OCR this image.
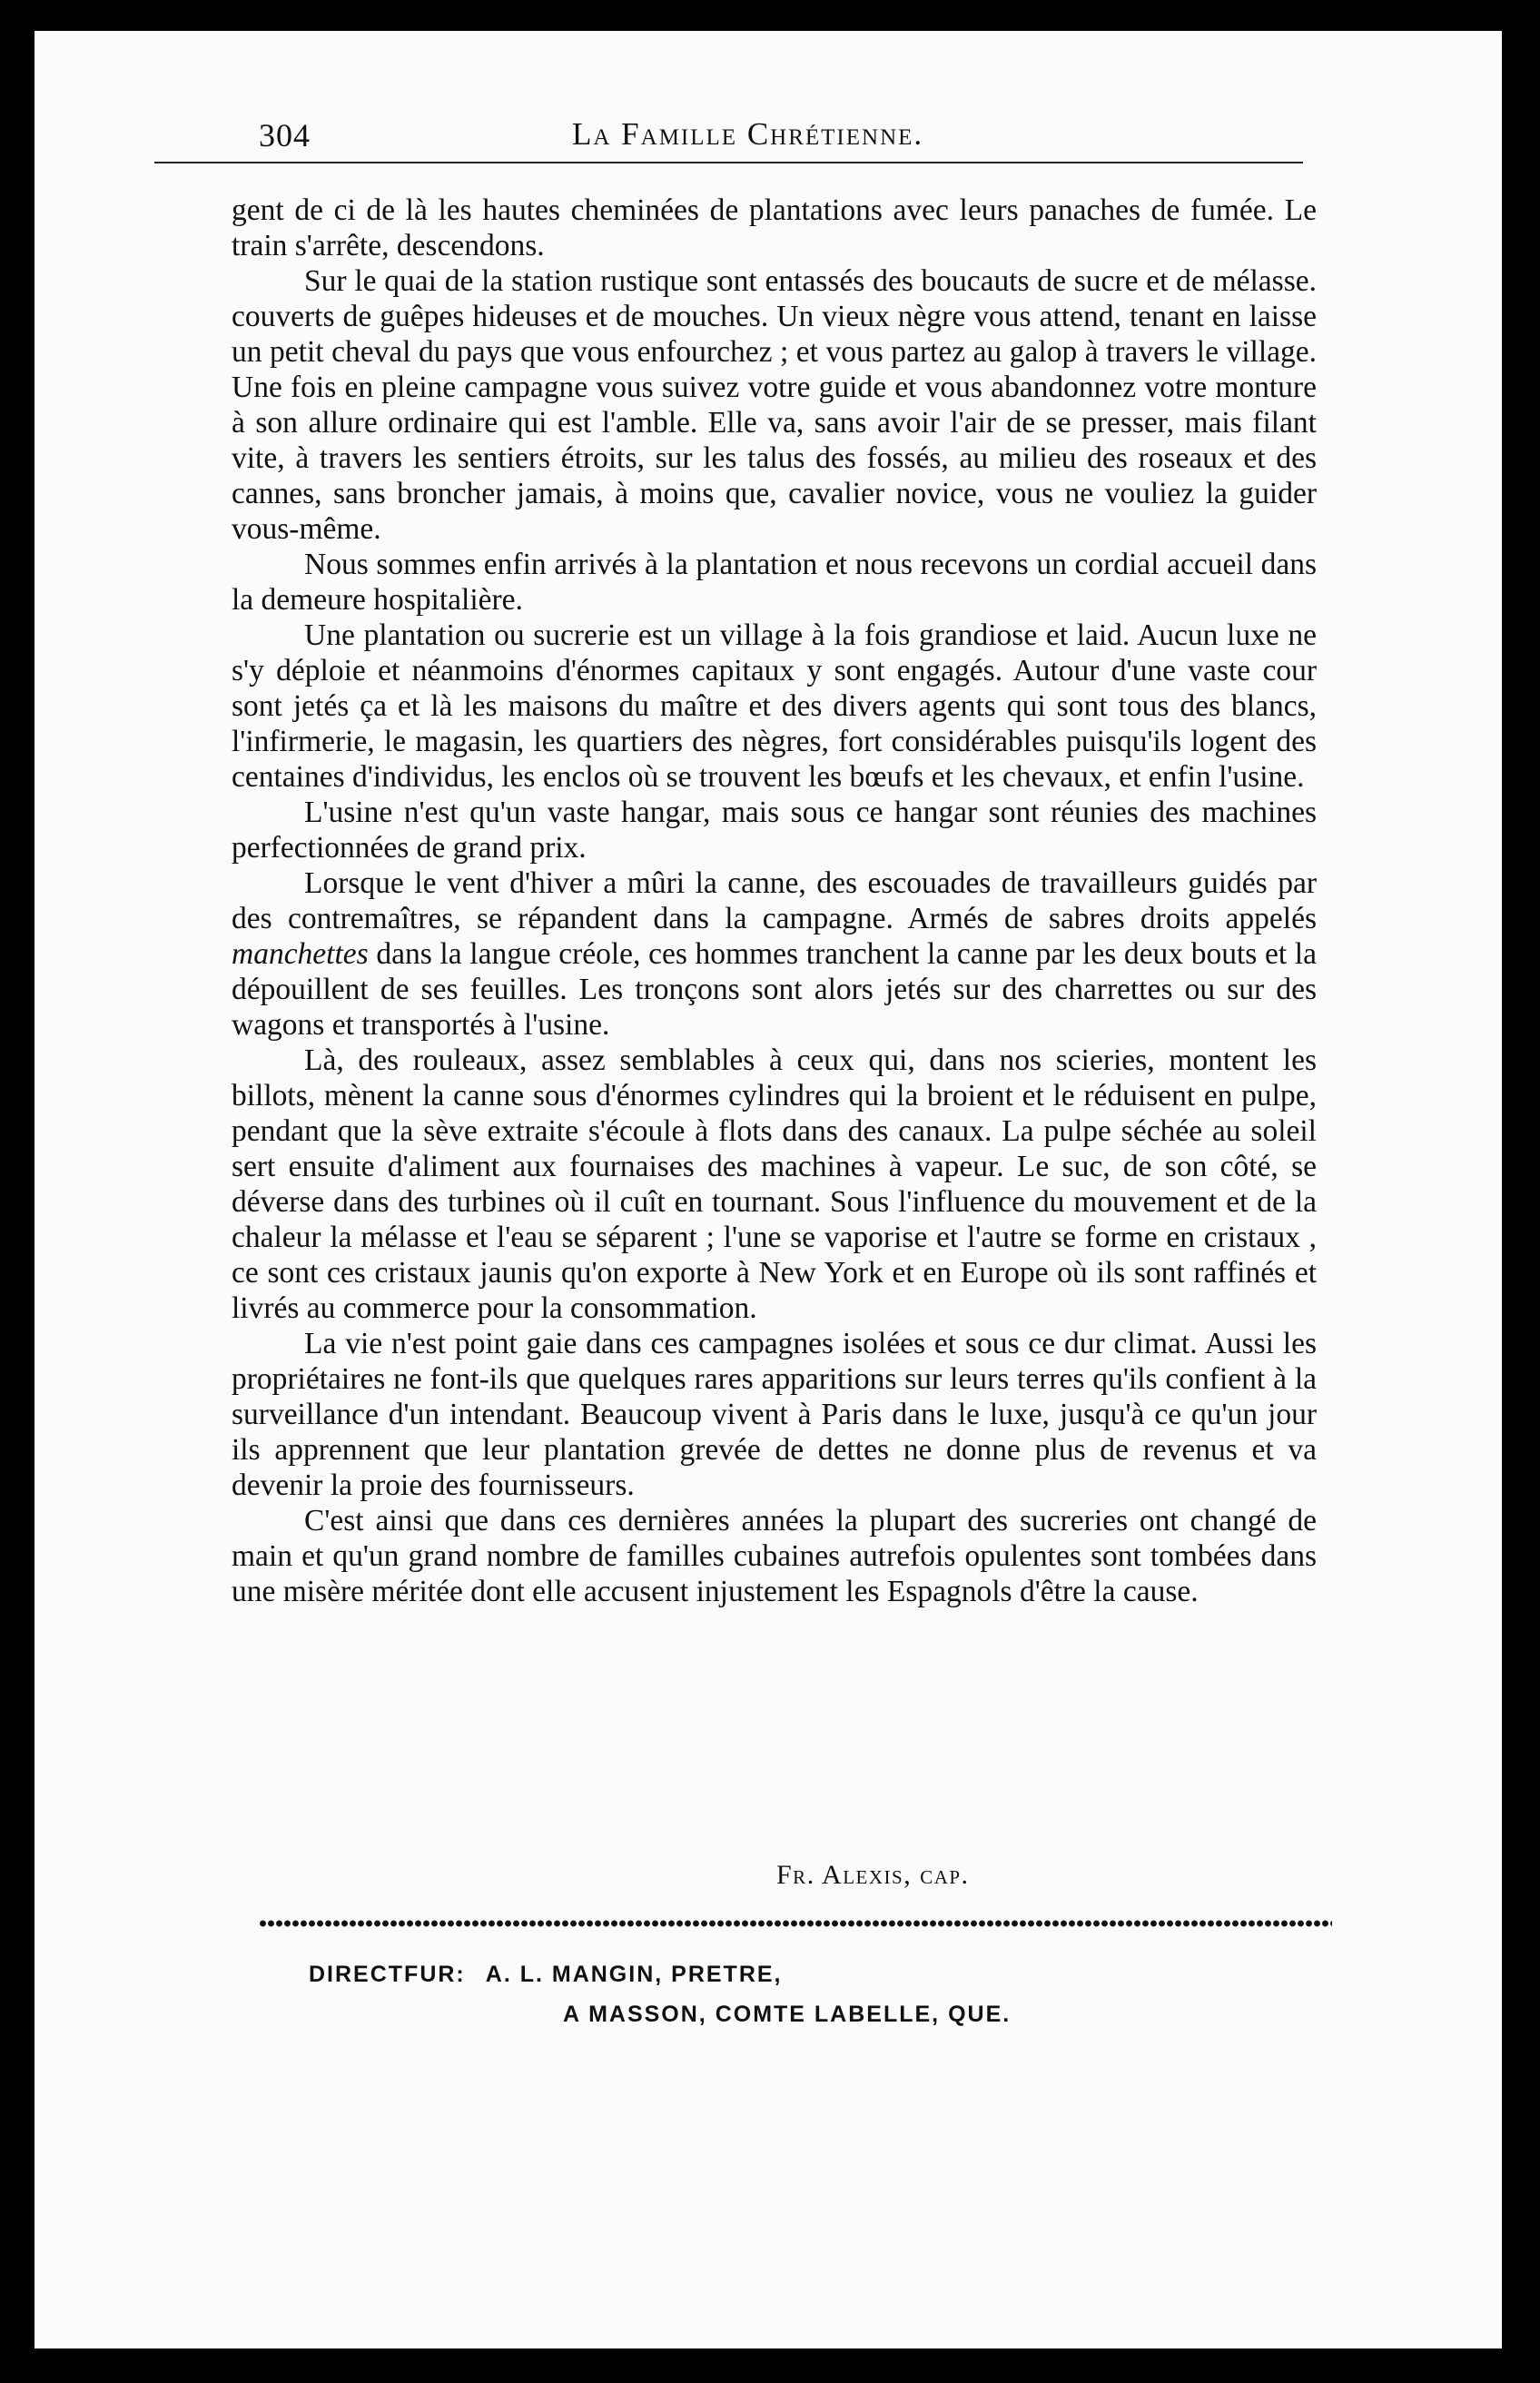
304	La Famille Chrétienne.

gent de ci de là les hautes cheminées de plantations avec leurs panaches de fumée. Le train s'arrête, descendons.

Sur le quai de la station rustique sont entassés des boucauts de sucre et de mélasse. couverts de guêpes hideuses et de mouches. Un vieux nègre vous attend, tenant en laisse un petit cheval du pays que vous enfourchez ; et vous partez au galop à travers le village. Une fois en pleine campagne vous suivez votre guide et vous abandonnez votre monture à son allure ordinaire qui est l'amble. Elle va, sans avoir l'air de se presser, mais filant vite, à travers les sentiers étroits, sur les talus des fossés, au milieu des roseaux et des cannes, sans broncher jamais, à moins que, cavalier novice, vous ne vouliez la guider vous-même.

Nous sommes enfin arrivés à la plantation et nous recevons un cordial accueil dans la demeure hospitalière.

Une plantation ou sucrerie est un village à la fois grandiose et laid. Aucun luxe ne s'y déploie et néanmoins d'énormes capitaux y sont engagés. Autour d'une vaste cour sont jetés ça et là les maisons du maître et des divers agents qui sont tous des blancs, l'infirmerie, le magasin, les quartiers des nègres, fort considérables puisqu'ils logent des centaines d'individus, les enclos où se trouvent les bœufs et les chevaux, et enfin l'usine.

L'usine n'est qu'un vaste hangar, mais sous ce hangar sont réunies des machines perfectionnées de grand prix.

Lorsque le vent d'hiver a mûri la canne, des escouades de travailleurs guidés par des contremaîtres, se répandent dans la campagne. Armés de sabres droits appelés manchettes dans la langue créole, ces hommes tranchent la canne par les deux bouts et la dépouillent de ses feuilles. Les tronçons sont alors jetés sur des charrettes ou sur des wagons et transportés à l'usine.

Là, des rouleaux, assez semblables à ceux qui, dans nos scieries, montent les billots, mènent la canne sous d'énormes cylindres qui la broient et le réduisent en pulpe, pendant que la sève extraite s'écoule à flots dans des canaux. La pulpe séchée au soleil sert ensuite d'aliment aux fournaises des machines à vapeur. Le suc, de son côté, se déverse dans des turbines où il cuît en tournant. Sous l'influence du mouvement et de la chaleur la mélasse et l'eau se séparent ; l'une se vaporise et l'autre se forme en cristaux , ce sont ces cristaux jaunis qu'on exporte à New York et en Europe où ils sont raffinés et livrés au commerce pour la consommation.

La vie n'est point gaie dans ces campagnes isolées et sous ce dur climat. Aussi les propriétaires ne font-ils que quelques rares apparitions sur leurs terres qu'ils confient à la surveillance d'un intendant. Beaucoup vivent à Paris dans le luxe, jusqu'à ce qu'un jour ils apprennent que leur plantation grevée de dettes ne donne plus de revenus et va devenir la proie des fournisseurs.

C'est ainsi que dans ces dernières années la plupart des sucreries ont changé de main et qu'un grand nombre de familles cubaines autrefois opulentes sont tombées dans une misère méritée dont elle accusent injustement les Espagnols d'être la cause.

Fr. Alexis, cap.
DIRECTFUR: A. L. MANGIN, PRETRE,
A MASSON, COMTE LABELLE, QUE.
